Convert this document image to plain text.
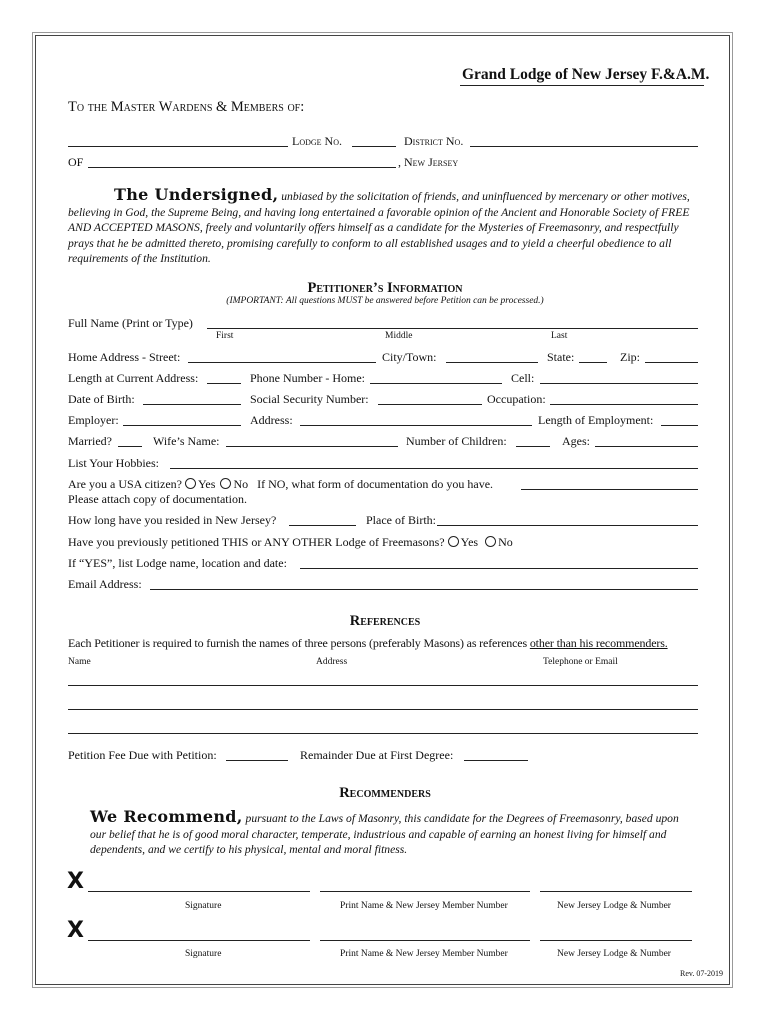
Grand Lodge of New Jersey F.&A.M.
To the Master Wardens & Members of:
Lodge No.	District No.
OF	, New Jersey
The Undersigned, unbiased by the solicitation of friends, and uninfluenced by mercenary or other motives, believing in God, the Supreme Being, and having long entertained a favorable opinion of the Ancient and Honorable Society of FREE AND ACCEPTED MASONS, freely and voluntarily offers himself as a candidate for the Mysteries of Freemasonry, and respectfully prays that he be admitted thereto, promising carefully to conform to all established usages and to yield a cheerful obedience to all requirements of the Institution.
Petitioner’s Information
(IMPORTANT: All questions MUST be answered before Petition can be processed.)
Full Name (Print or Type)
First	Middle	Last
Home Address - Street:	City/Town:	State:	Zip:
Length at Current Address:	Phone Number - Home:	Cell:
Date of Birth:	Social Security Number:	Occupation:
Employer:	Address:	Length of Employment:
Married?	Wife’s Name:	Number of Children:	Ages:
List Your Hobbies:
Are you a USA citizen? Yes No If NO, what form of documentation do you have.
Please attach copy of documentation.
How long have you resided in New Jersey?	Place of Birth:
Have you previously petitioned THIS or ANY OTHER Lodge of Freemasons? Yes No
If “YES”, list Lodge name, location and date:
Email Address:
References
Each Petitioner is required to furnish the names of three persons (preferably Masons) as references other than his recommenders.
Name	Address	Telephone or Email
Petition Fee Due with Petition:	Remainder Due at First Degree:
Recommenders
We Recommend, pursuant to the Laws of Masonry, this candidate for the Degrees of Freemasonry, based upon our belief that he is of good moral character, temperate, industrious and capable of earning an honest living for himself and dependents, and we certify to his physical, mental and moral fitness.
X
Signature	Print Name & New Jersey Member Number	New Jersey Lodge & Number
X
Signature	Print Name & New Jersey Member Number	New Jersey Lodge & Number
Rev. 07-2019
